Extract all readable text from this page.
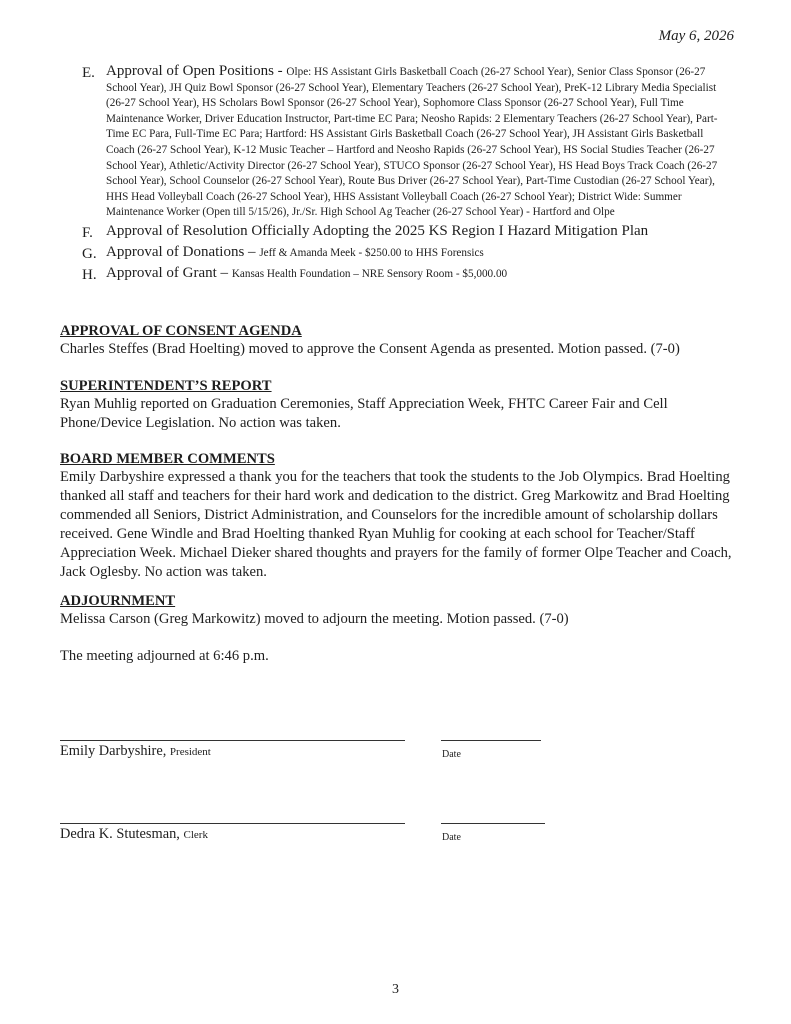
May 6, 2026
E. Approval of Open Positions - Olpe: HS Assistant Girls Basketball Coach (26-27 School Year), Senior Class Sponsor (26-27 School Year), JH Quiz Bowl Sponsor (26-27 School Year), Elementary Teachers (26-27 School Year), PreK-12 Library Media Specialist (26-27 School Year), HS Scholars Bowl Sponsor (26-27 School Year), Sophomore Class Sponsor (26-27 School Year), Full Time Maintenance Worker, Driver Education Instructor, Part-time EC Para; Neosho Rapids: 2 Elementary Teachers (26-27 School Year), Part-Time EC Para, Full-Time EC Para; Hartford: HS Assistant Girls Basketball Coach (26-27 School Year), JH Assistant Girls Basketball Coach (26-27 School Year), K-12 Music Teacher – Hartford and Neosho Rapids (26-27 School Year), HS Social Studies Teacher (26-27 School Year), Athletic/Activity Director (26-27 School Year), STUCO Sponsor (26-27 School Year), HS Head Boys Track Coach (26-27 School Year), School Counselor (26-27 School Year), Route Bus Driver (26-27 School Year), Part-Time Custodian (26-27 School Year), HHS Head Volleyball Coach (26-27 School Year), HHS Assistant Volleyball Coach (26-27 School Year); District Wide: Summer Maintenance Worker (Open till 5/15/26), Jr./Sr. High School Ag Teacher (26-27 School Year) - Hartford and Olpe
F. Approval of Resolution Officially Adopting the 2025 KS Region I Hazard Mitigation Plan
G. Approval of Donations – Jeff & Amanda Meek - $250.00 to HHS Forensics
H. Approval of Grant – Kansas Health Foundation – NRE Sensory Room - $5,000.00
APPROVAL OF CONSENT AGENDA
Charles Steffes (Brad Hoelting) moved to approve the Consent Agenda as presented. Motion passed. (7-0)
SUPERINTENDENT’S REPORT
Ryan Muhlig reported on Graduation Ceremonies, Staff Appreciation Week, FHTC Career Fair and Cell Phone/Device Legislation. No action was taken.
BOARD MEMBER COMMENTS
Emily Darbyshire expressed a thank you for the teachers that took the students to the Job Olympics. Brad Hoelting thanked all staff and teachers for their hard work and dedication to the district. Greg Markowitz and Brad Hoelting commended all Seniors, District Administration, and Counselors for the incredible amount of scholarship dollars received. Gene Windle and Brad Hoelting thanked Ryan Muhlig for cooking at each school for Teacher/Staff Appreciation Week. Michael Dieker shared thoughts and prayers for the family of former Olpe Teacher and Coach, Jack Oglesby. No action was taken.
ADJOURNMENT
Melissa Carson (Greg Markowitz) moved to adjourn the meeting. Motion passed. (7-0)
The meeting adjourned at 6:46 p.m.
Emily Darbyshire, President	Date
Dedra K. Stutesman, Clerk	Date
3
